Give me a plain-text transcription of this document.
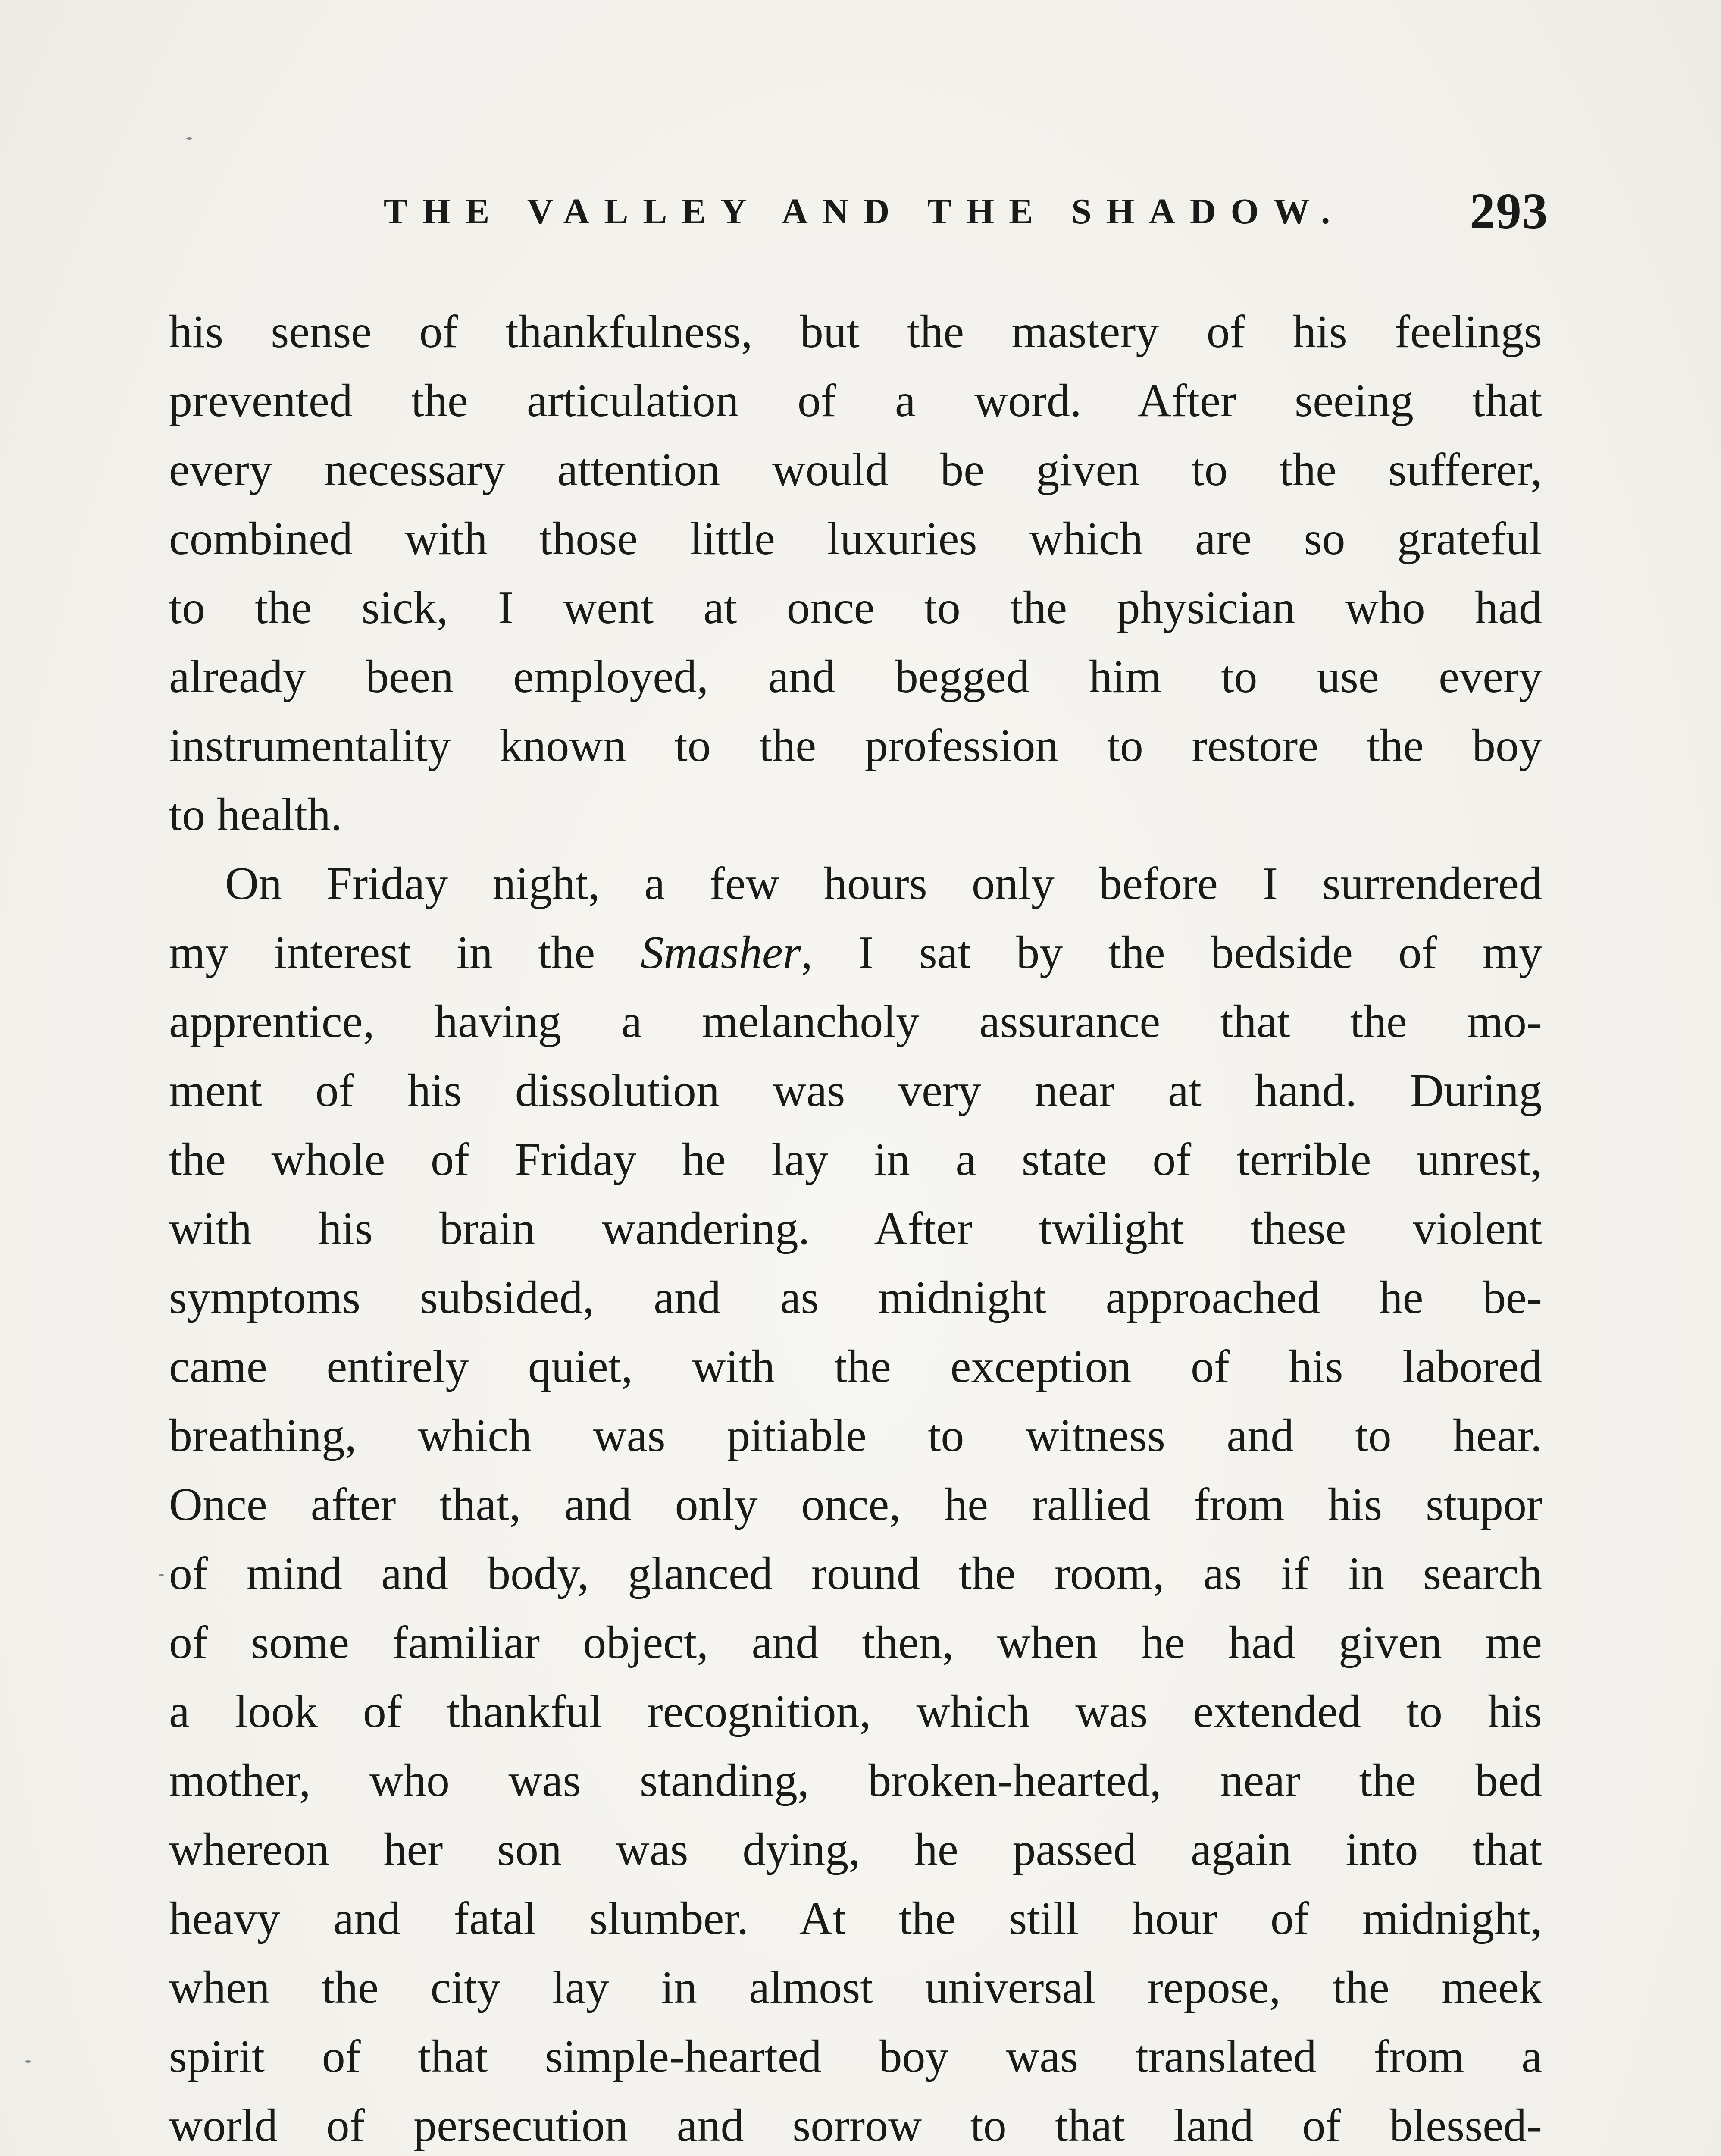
THE VALLEY AND THE SHADOW.	293
his sense of thankfulness, but the mastery of his feelings
prevented the articulation of a word. After seeing that
every necessary attention would be given to the sufferer,
combined with those little luxuries which are so grateful
to the sick, I went at once to the physician who had
already been employed, and begged him to use every
instrumentality known to the profession to restore the boy
to health.
On Friday night, a few hours only before I surrendered
my interest in the Smasher, I sat by the bedside of my
apprentice, having a melancholy assurance that the mo-
ment of his dissolution was very near at hand. During
the whole of Friday he lay in a state of terrible unrest,
with his brain wandering. After twilight these violent
symptoms subsided, and as midnight approached he be-
came entirely quiet, with the exception of his labored
breathing, which was pitiable to witness and to hear.
Once after that, and only once, he rallied from his stupor
of mind and body, glanced round the room, as if in search
of some familiar object, and then, when he had given me
a look of thankful recognition, which was extended to his
mother, who was standing, broken-hearted, near the bed
whereon her son was dying, he passed again into that
heavy and fatal slumber. At the still hour of midnight,
when the city lay in almost universal repose, the meek
spirit of that simple-hearted boy was translated from a
world of persecution and sorrow to that land of blessed-
